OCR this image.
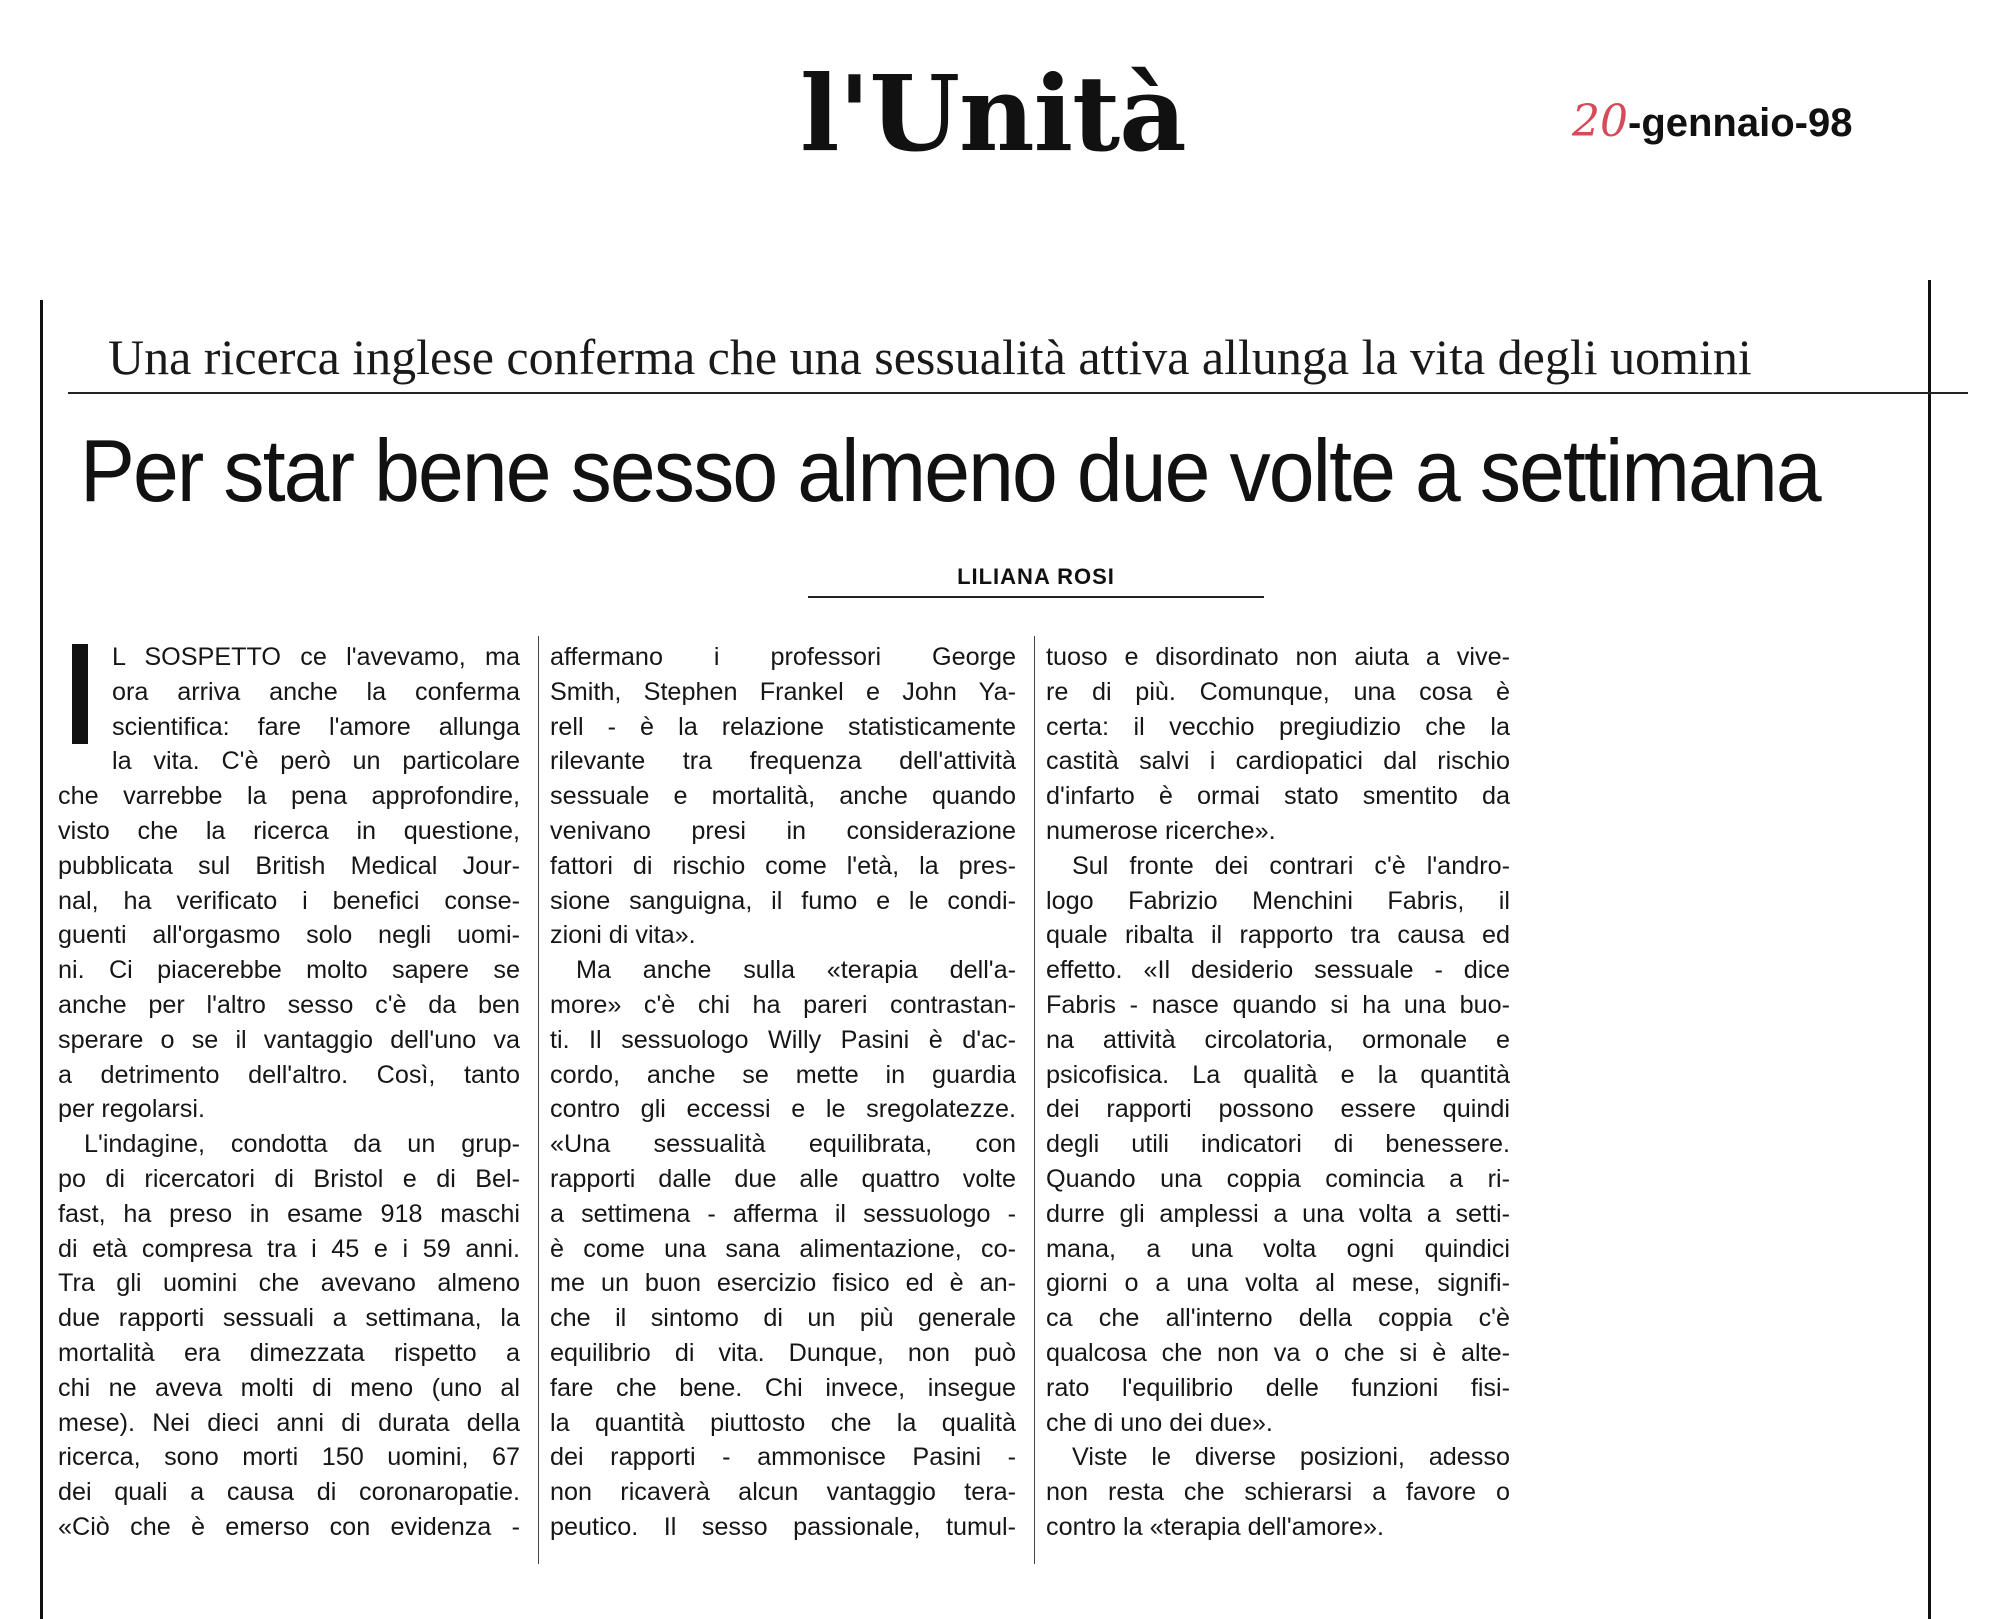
l'Unità	20-gennaio-98
Una ricerca inglese conferma che una sessualità attiva allunga la vita degli uomini
Per star bene sesso almeno due volte a settimana
LILIANA ROSI
L SOSPETTO ce l'avevamo, ma
ora arriva anche la conferma
scientifica: fare l'amore allunga
la vita. C'è però un particolare
che varrebbe la pena approfondire,
visto che la ricerca in questione,
pubblicata sul British Medical Jour-
nal, ha verificato i benefici conse-
guenti all'orgasmo solo negli uomi-
ni. Ci piacerebbe molto sapere se
anche per l'altro sesso c'è da ben
sperare o se il vantaggio dell'uno va
a detrimento dell'altro. Così, tanto
per regolarsi.
L'indagine, condotta da un grup-
po di ricercatori di Bristol e di Bel-
fast, ha preso in esame 918 maschi
di età compresa tra i 45 e i 59 anni.
Tra gli uomini che avevano almeno
due rapporti sessuali a settimana, la
mortalità era dimezzata rispetto a
chi ne aveva molti di meno (uno al
mese). Nei dieci anni di durata della
ricerca, sono morti 150 uomini, 67
dei quali a causa di coronaropatie.
«Ciò che è emerso con evidenza -
affermano i professori George
Smith, Stephen Frankel e John Ya-
rell - è la relazione statisticamente
rilevante tra frequenza dell'attività
sessuale e mortalità, anche quando
venivano presi in considerazione
fattori di rischio come l'età, la pres-
sione sanguigna, il fumo e le condi-
zioni di vita».
Ma anche sulla «terapia dell'a-
more» c'è chi ha pareri contrastan-
ti. Il sessuologo Willy Pasini è d'ac-
cordo, anche se mette in guardia
contro gli eccessi e le sregolatezze.
«Una sessualità equilibrata, con
rapporti dalle due alle quattro volte
a settimena - afferma il sessuologo -
è come una sana alimentazione, co-
me un buon esercizio fisico ed è an-
che il sintomo di un più generale
equilibrio di vita. Dunque, non può
fare che bene. Chi invece, insegue
la quantità piuttosto che la qualità
dei rapporti - ammonisce Pasini -
non ricaverà alcun vantaggio tera-
peutico. Il sesso passionale, tumul-
tuoso e disordinato non aiuta a vive-
re di più. Comunque, una cosa è
certa: il vecchio pregiudizio che la
castità salvi i cardiopatici dal rischio
d'infarto è ormai stato smentito da
numerose ricerche».
Sul fronte dei contrari c'è l'andro-
logo Fabrizio Menchini Fabris, il
quale ribalta il rapporto tra causa ed
effetto. «Il desiderio sessuale - dice
Fabris - nasce quando si ha una buo-
na attività circolatoria, ormonale e
psicofisica. La qualità e la quantità
dei rapporti possono essere quindi
degli utili indicatori di benessere.
Quando una coppia comincia a ri-
durre gli amplessi a una volta a setti-
mana, a una volta ogni quindici
giorni o a una volta al mese, signifi-
ca che all'interno della coppia c'è
qualcosa che non va o che si è alte-
rato l'equilibrio delle funzioni fisi-
che di uno dei due».
Viste le diverse posizioni, adesso
non resta che schierarsi a favore o
contro la «terapia dell'amore».
